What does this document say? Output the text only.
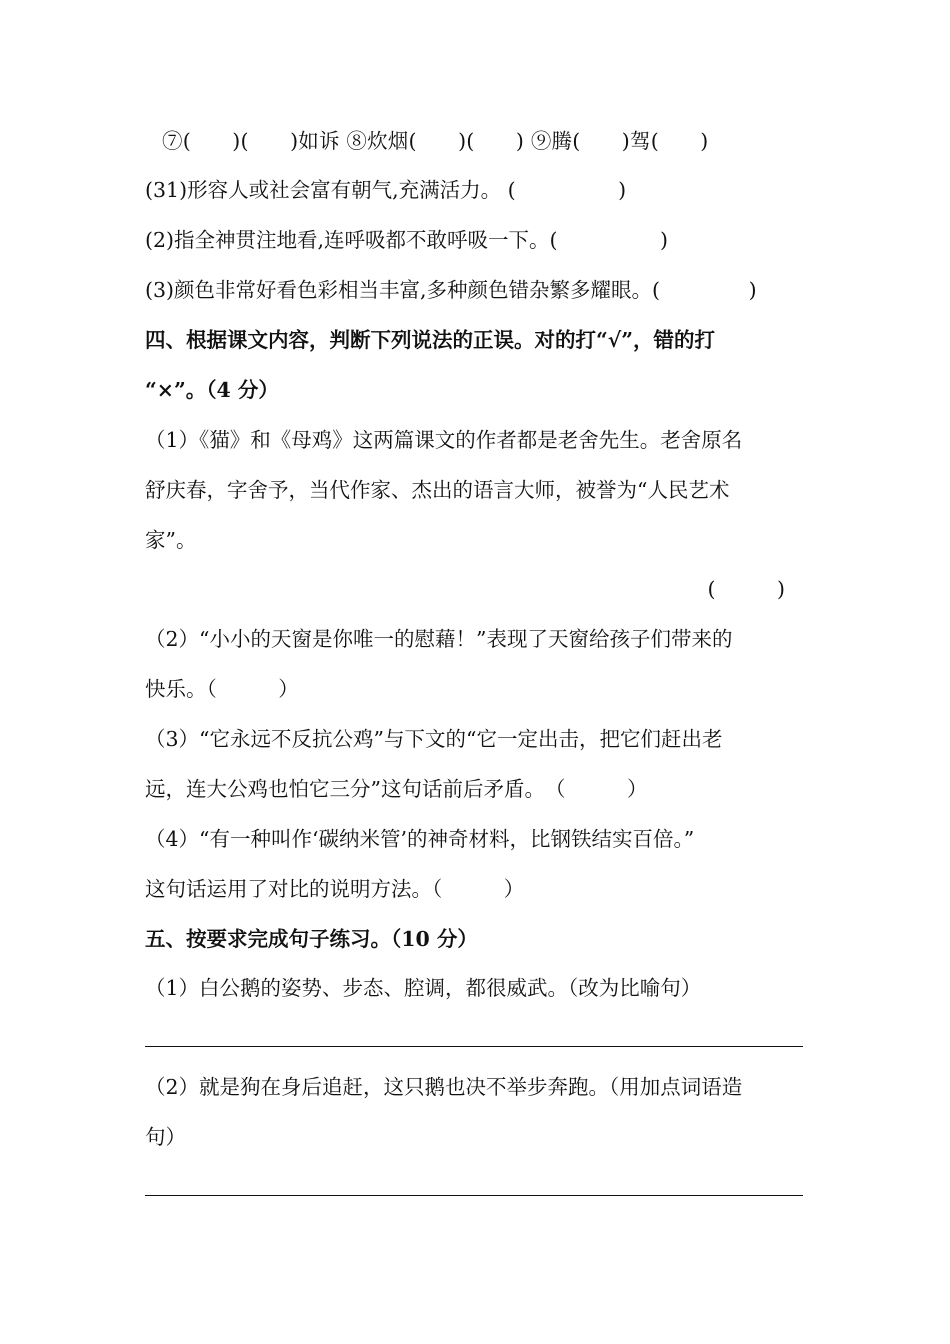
⑦(　　)(　　)如诉 ⑧炊烟(　　)(　　) ⑨腾(　　)驾(　　)
(31)形容人或社会富有朝气,充满活力。 (　　　　　)
(2)指全神贯注地看,连呼吸都不敢呼吸一下。(　　　　　)
(3)颜色非常好看色彩相当丰富,多种颜色错杂繁多耀眼。(　　　　 )
四、根据课文内容，判断下列说法的正误。对的打“√”，错的打
“×”。（4 分）
（1）《猫》和《母鸡》这两篇课文的作者都是老舍先生。老舍原名
舒庆春，字舍予，当代作家、杰出的语言大师，被誉为“人民艺术
家”。
(　　　)
（2）“小小的天窗是你唯一的慰藉！”表现了天窗给孩子们带来的
快乐。（　　　）
（3）“它永远不反抗公鸡”与下文的“它一定出击，把它们赶出老
远，连大公鸡也怕它三分”这句话前后矛盾。　（　　　）
（4）“有一种叫作‘碳纳米管’的神奇材料，比钢铁结实百倍。”
这句话运用了对比的说明方法。（　　　）
五、按要求完成句子练习。（10 分）
（1）白公鹅的姿势、步态、腔调，都很威武。（改为比喻句）
（2）就是狗在身后追赶，这只鹅也决不举步奔跑。（用加点词语造
句）
